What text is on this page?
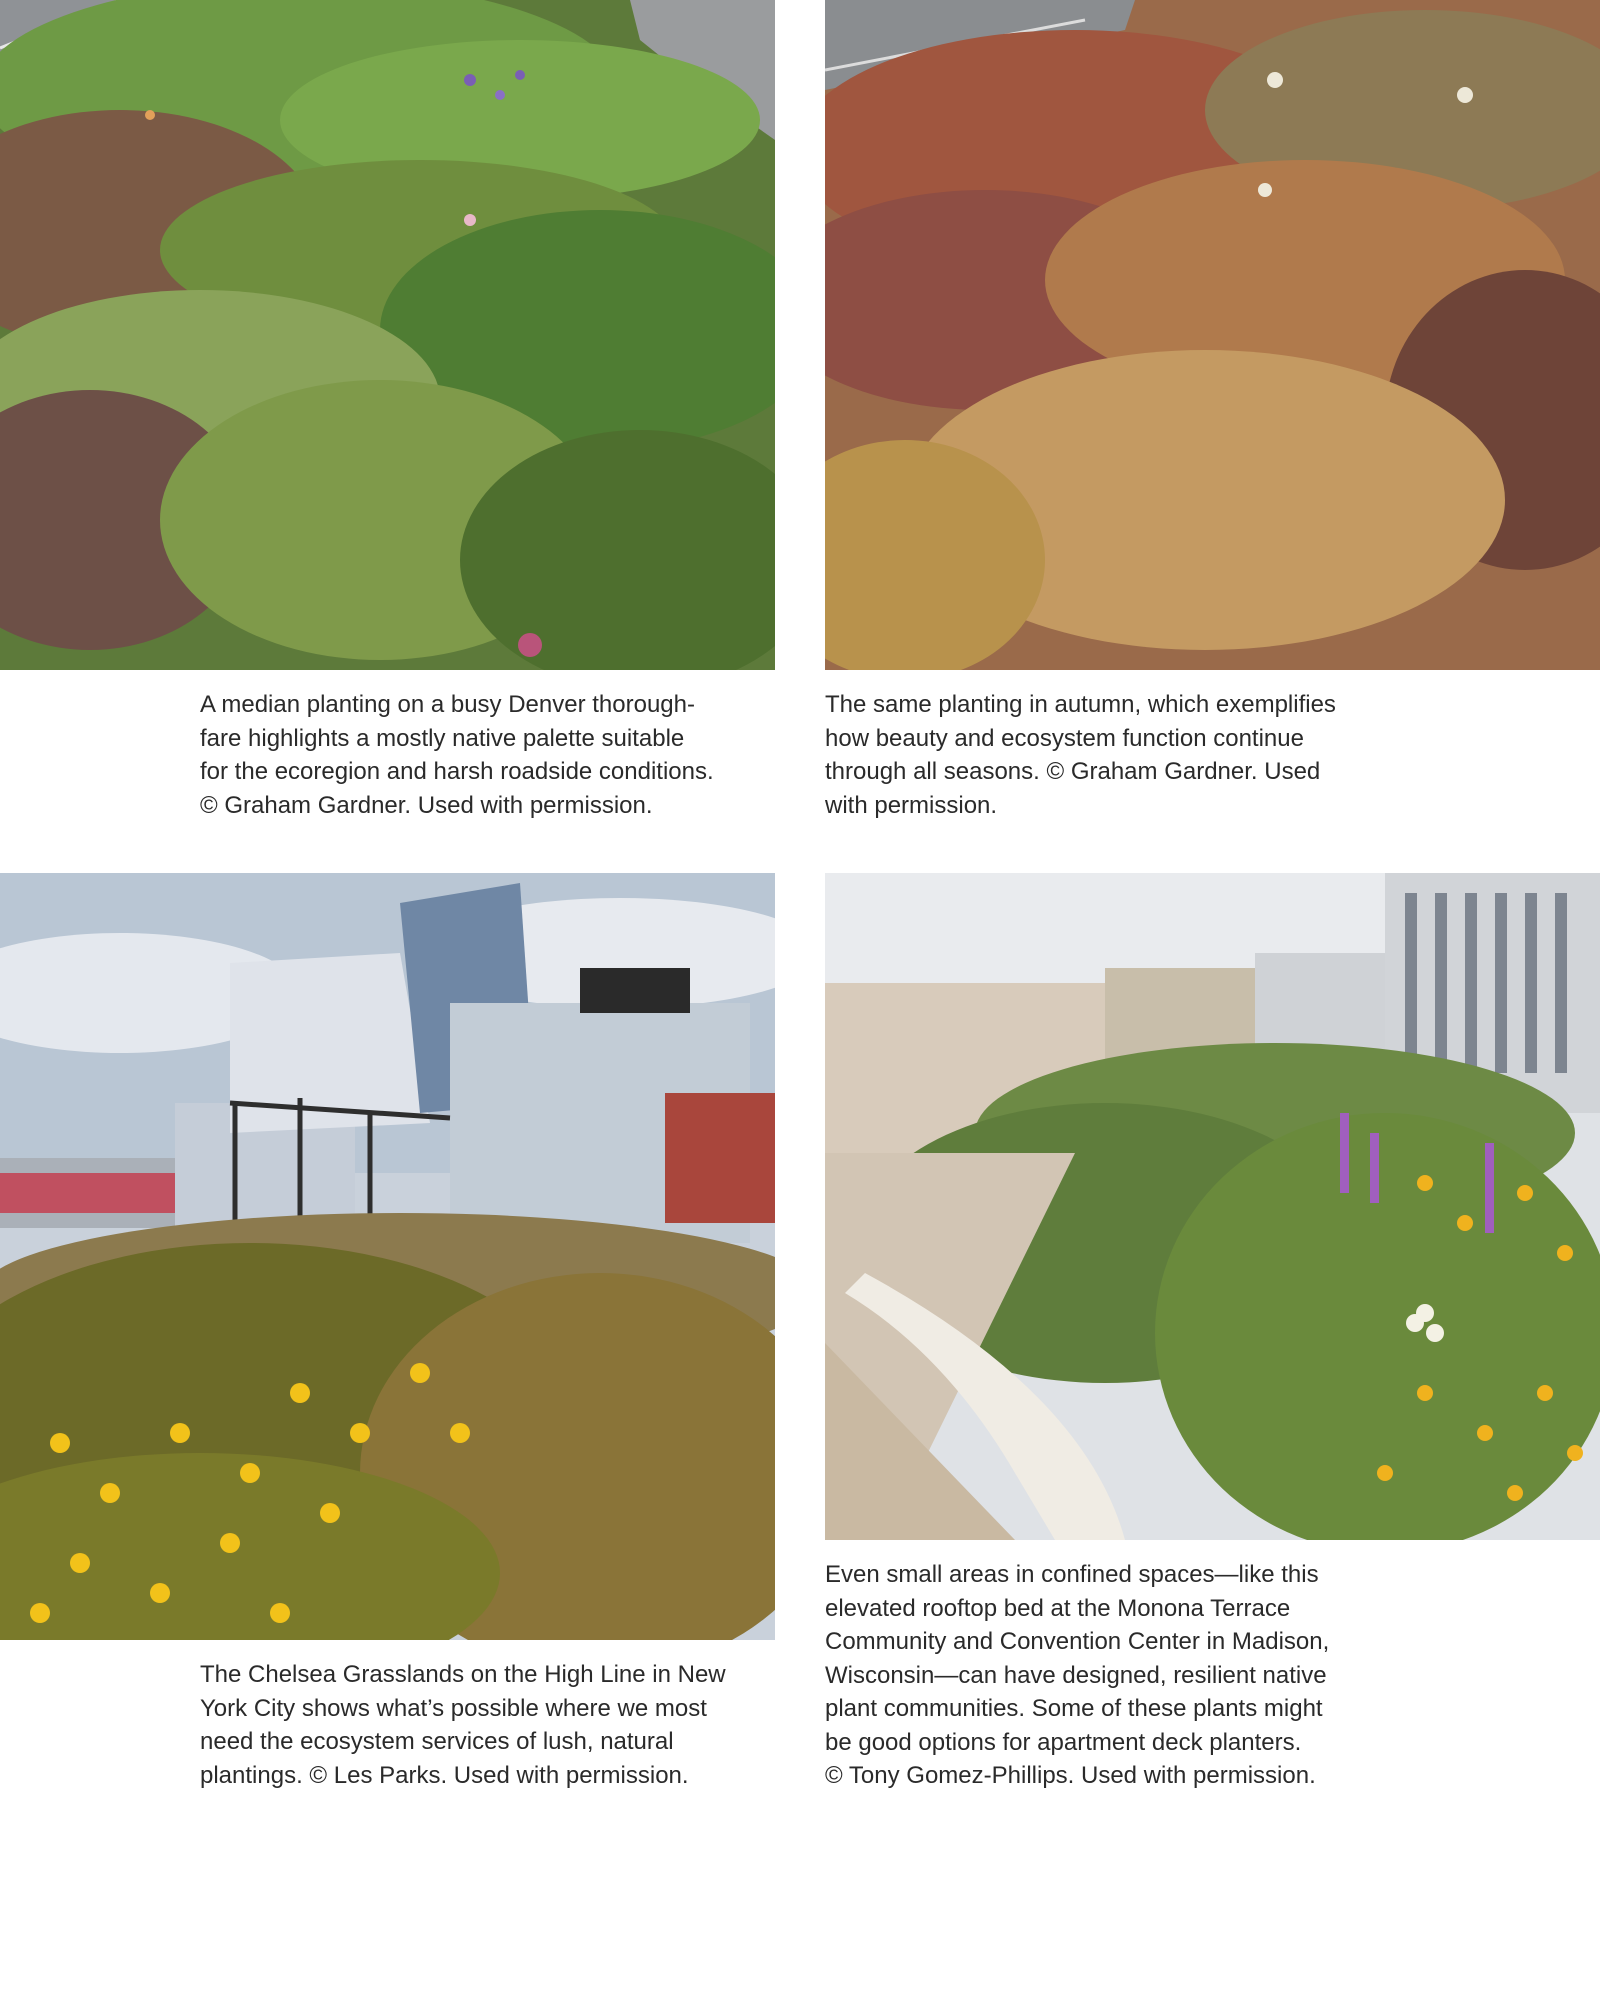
A median planting on a busy Denver thorough-
fare highlights a mostly native palette suitable
for the ecoregion and harsh roadside conditions.
© Graham Gardner. Used with permission.
The same planting in autumn, which exemplifies
how beauty and ecosystem function continue
through all seasons. © Graham Gardner. Used
with permission.
The Chelsea Grasslands on the High Line in New
York City shows what’s possible where we most
need the ecosystem services of lush, natural
plantings. © Les Parks. Used with permission.
Even small areas in confined spaces—like this
elevated rooftop bed at the Monona Terrace
Community and Convention Center in Madison,
Wisconsin—can have designed, resilient native
plant communities. Some of these plants might
be good options for apartment deck planters.
© Tony Gomez-Phillips. Used with permission.
